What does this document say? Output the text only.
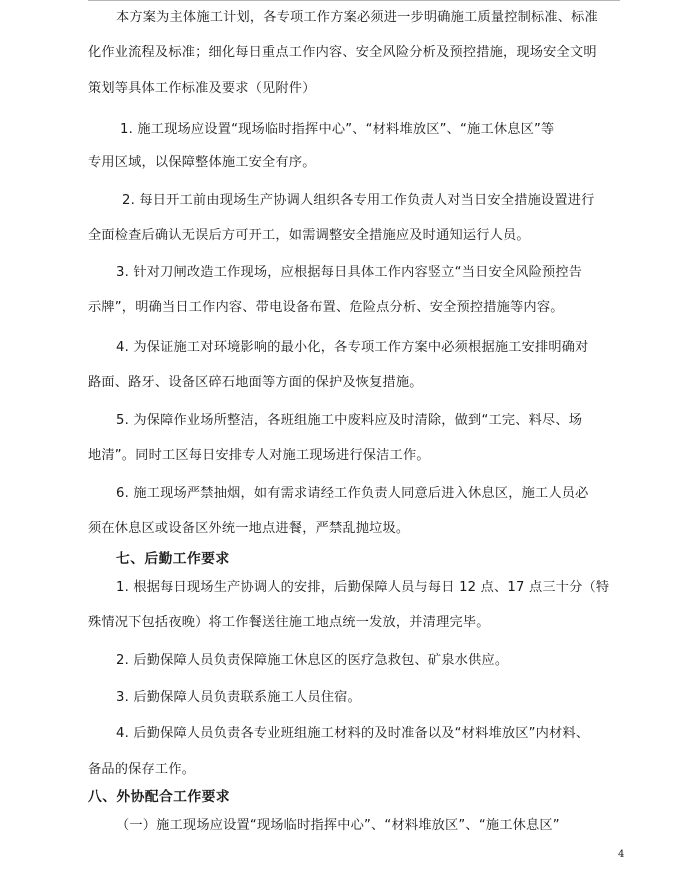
本方案为主体施工计划，各专项工作方案必须进一步明确施工质量控制标准、标准
化作业流程及标准；细化每日重点工作内容、安全风险分析及预控措施，现场安全文明
策划等具体工作标准及要求（见附件）
1. 施工现场应设置“现场临时指挥中心”、“材料堆放区”、“施工休息区”等
专用区域，以保障整体施工安全有序。
2. 每日开工前由现场生产协调人组织各专用工作负责人对当日安全措施设置进行
全面检查后确认无误后方可开工，如需调整安全措施应及时通知运行人员。
3. 针对刀闸改造工作现场，应根据每日具体工作内容竖立“当日安全风险预控告
示牌”，明确当日工作内容、带电设备布置、危险点分析、安全预控措施等内容。
4. 为保证施工对环境影响的最小化，各专项工作方案中必须根据施工安排明确对
路面、路牙、设备区碎石地面等方面的保护及恢复措施。
5. 为保障作业场所整洁，各班组施工中废料应及时清除，做到“工完、料尽、场
地清”。同时工区每日安排专人对施工现场进行保洁工作。
6. 施工现场严禁抽烟，如有需求请经工作负责人同意后进入休息区，施工人员必
须在休息区或设备区外统一地点进餐，严禁乱抛垃圾。
七、后勤工作要求
1. 根据每日现场生产协调人的安排，后勤保障人员与每日 12 点、17 点三十分（特
殊情况下包括夜晚）将工作餐送往施工地点统一发放，并清理完毕。
2. 后勤保障人员负责保障施工休息区的医疗急救包、矿泉水供应。
3. 后勤保障人员负责联系施工人员住宿。
4. 后勤保障人员负责各专业班组施工材料的及时准备以及“材料堆放区”内材料、
备品的保存工作。
八、外协配合工作要求
（一）施工现场应设置“现场临时指挥中心”、“材料堆放区”、“施工休息区”
4
